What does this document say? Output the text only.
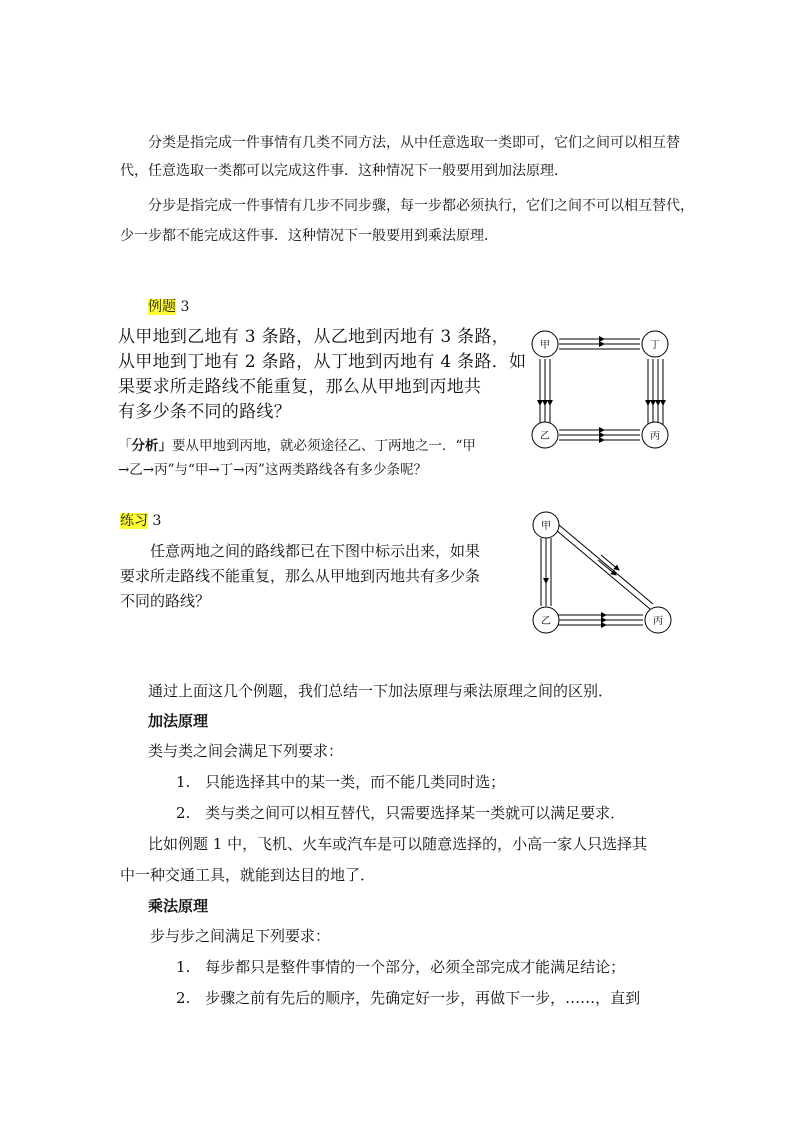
分类是指完成一件事情有几类不同方法，从中任意选取一类即可，它们之间可以相互替
代，任意选取一类都可以完成这件事．这种情况下一般要用到加法原理．
分步是指完成一件事情有几步不同步骤，每一步都必须执行，它们之间不可以相互替代，
少一步都不能完成这件事．这种情况下一般要用到乘法原理．
例题 3
从甲地到乙地有 3 条路，从乙地到丙地有 3 条路，
从甲地到丁地有 2 条路，从丁地到丙地有 4 条路．如
果要求所走路线不能重复，那么从甲地到丙地共
有多少条不同的路线？
「分析」要从甲地到丙地，就必须途径乙、丁两地之一．“甲
→乙→丙”与“甲→丁→丙”这两类路线各有多少条呢？
甲	丁
乙	丙
练习 3
任意两地之间的路线都已在下图中标示出来，如果
要求所走路线不能重复，那么从甲地到丙地共有多少条
不同的路线？
甲
乙	丙
通过上面这几个例题，我们总结一下加法原理与乘法原理之间的区别．
加法原理
类与类之间会满足下列要求：
1. 只能选择其中的某一类，而不能几类同时选；
2. 类与类之间可以相互替代，只需要选择某一类就可以满足要求．
比如例题 1 中，飞机、火车或汽车是可以随意选择的，小高一家人只选择其
中一种交通工具，就能到达目的地了．
乘法原理
步与步之间满足下列要求：
1. 每步都只是整件事情的一个部分，必须全部完成才能满足结论；
2. 步骤之前有先后的顺序，先确定好一步，再做下一步，……，直到
